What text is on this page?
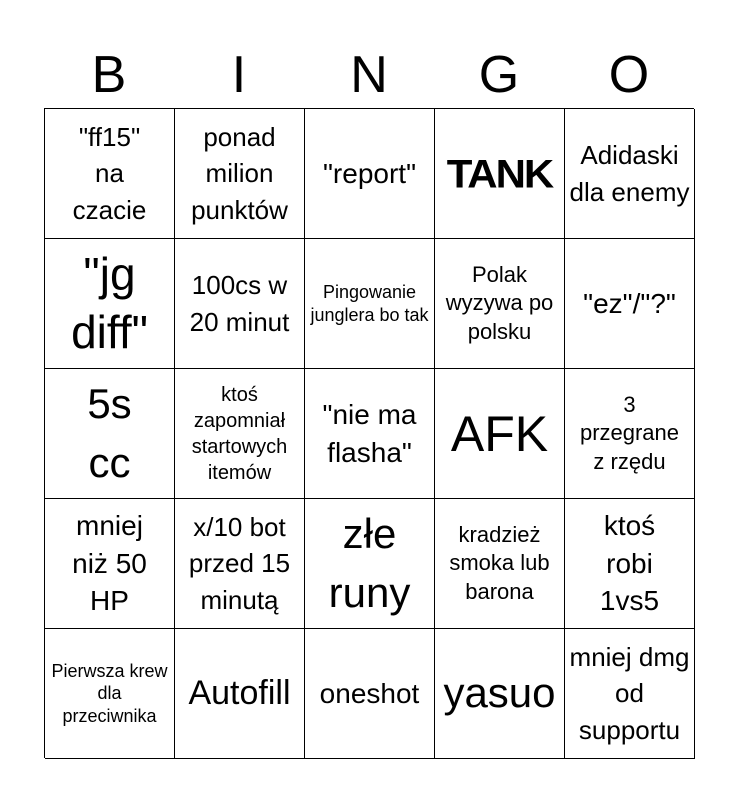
B	I	N	G	O
"ff15" na czacie
ponad milion punktów
"report" TANK	Adidaski dla enemy
"jg diff"
100cs w 20 minut
Pingowanie junglera bo tak
Polak wyzywa po polsku
"ez"/"?"
5s cc
ktoś zapomniał startowych itemów
"nie ma flasha" AFK
3 przegrane z rzędu
mniej niż 50 HP
x/10 bot przed 15 minutą
złe runy
kradzież smoka lub barona
ktoś robi 1vs5
Pierwsza krew dla przeciwnika
Autofill oneshot yasuo
mniej dmg od supportu
